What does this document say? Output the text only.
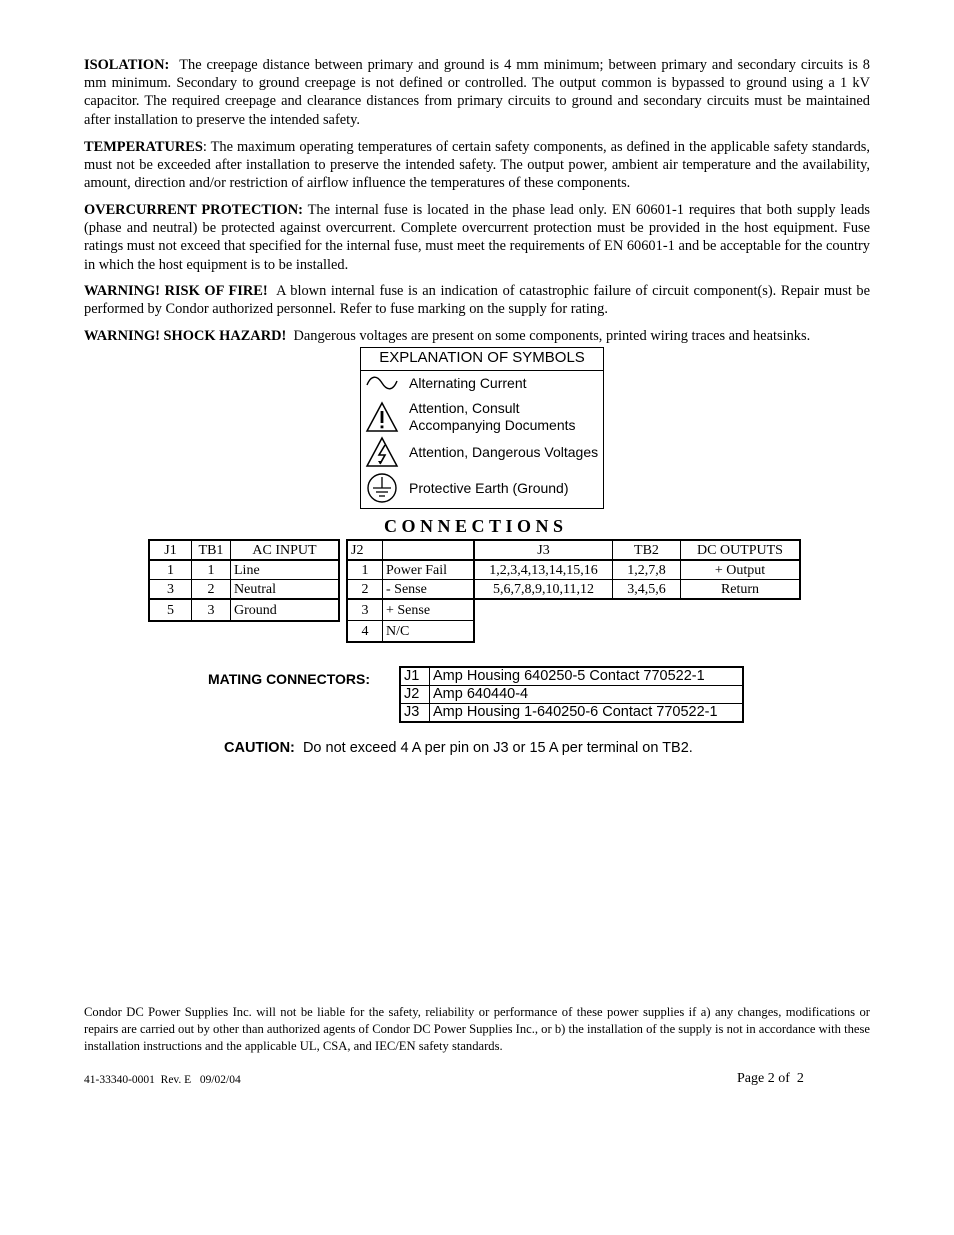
ISOLATION: The creepage distance between primary and ground is 4 mm minimum; between primary and secondary circuits is 8 mm minimum. Secondary to ground creepage is not defined or controlled. The output common is bypassed to ground using a 1 kV capacitor. The required creepage and clearance distances from primary circuits to ground and secondary circuits must be maintained after installation to preserve the intended safety.
TEMPERATURES: The maximum operating temperatures of certain safety components, as defined in the applicable safety standards, must not be exceeded after installation to preserve the intended safety. The output power, ambient air temperature and the availability, amount, direction and/or restriction of airflow influence the temperatures of these components.
OVERCURRENT PROTECTION: The internal fuse is located in the phase lead only. EN 60601-1 requires that both supply leads (phase and neutral) be protected against overcurrent. Complete overcurrent protection must be provided in the host equipment. Fuse ratings must not exceed that specified for the internal fuse, must meet the requirements of EN 60601-1 and be acceptable for the country in which the host equipment is to be installed.
WARNING! RISK OF FIRE! A blown internal fuse is an indication of catastrophic failure of circuit component(s). Repair must be performed by Condor authorized personnel. Refer to fuse marking on the supply for rating.
WARNING! SHOCK HAZARD! Dangerous voltages are present on some components, printed wiring traces and heatsinks.
EXPLANATION OF SYMBOLS
Alternating Current
Attention, Consult
Accompanying Documents
Attention, Dangerous Voltages
Protective Earth (Ground)
CONNECTIONS
J1	TB1	AC INPUT
1	1	Line
3	2	Neutral
5	3	Ground
J2	
1	Power Fail
2	- Sense
3	+ Sense
4	N/C
J3	TB2	DC OUTPUTS
1,2,3,4,13,14,15,16	1,2,7,8	+ Output
5,6,7,8,9,10,11,12	3,4,5,6	Return
MATING CONNECTORS: J1	Amp Housing 640250-5 Contact 770522-1
J2	Amp 640440-4
J3	Amp Housing 1-640250-6 Contact 770522-1
CAUTION: Do not exceed 4 A per pin on J3 or 15 A per terminal on TB2.
Condor DC Power Supplies Inc. will not be liable for the safety, reliability or performance of these power supplies if a) any changes, modifications or repairs are carried out by other than authorized agents of Condor DC Power Supplies Inc., or b) the installation of the supply is not in accordance with these installation instructions and the applicable UL, CSA, and IEC/EN safety standards.
41-33340-0001  Rev. E   09/02/04	Page 2 of  2
